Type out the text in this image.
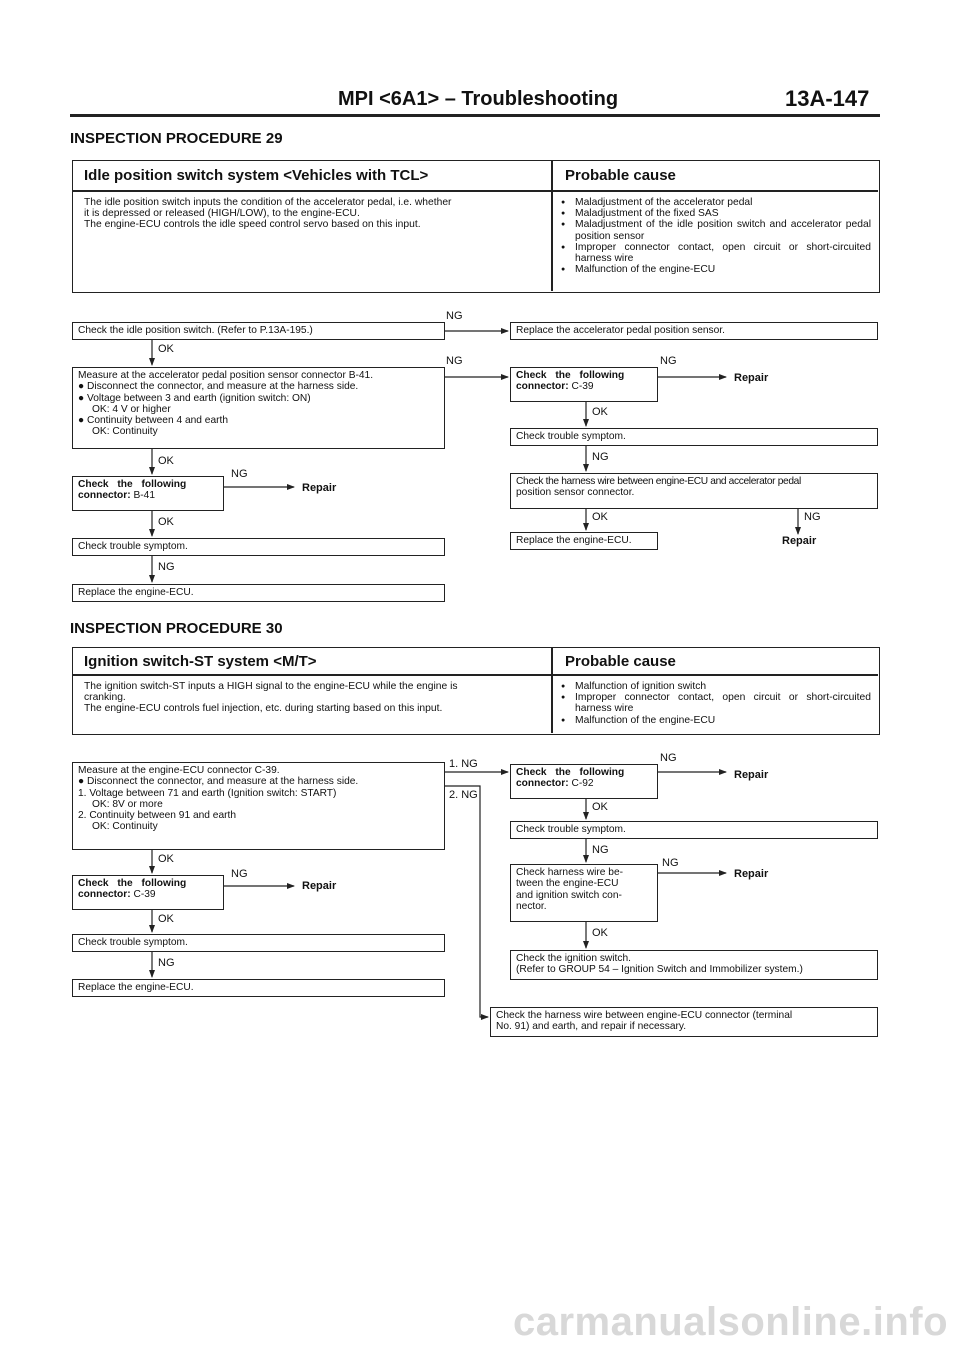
MPI <6A1> – Troubleshooting	13A-147
INSPECTION PROCEDURE 29
Idle position switch system <Vehicles with TCL>	Probable cause
The idle position switch inputs the condition of the accelerator pedal, i.e. whether
it is depressed or released (HIGH/LOW), to the engine-ECU.
The engine-ECU controls the idle speed control servo based on this input.
● Maladjustment of the accelerator pedal
● Maladjustment of the fixed SAS
● Maladjustment of the idle position switch and accelerator pedal position sensor
● Improper connector contact, open circuit or short-circuited harness wire
● Malfunction of the engine-ECU
Check the idle position switch. (Refer to P.13A-195.)	Replace the accelerator pedal position sensor.
Measure at the accelerator pedal position sensor connector B-41.
● Disconnect the connector, and measure at the harness side.
● Voltage between 3 and earth (ignition switch: ON)
OK: 4 V or higher
● Continuity between 4 and earth
OK: Continuity
Check the following
connector: B-41
Check trouble symptom.
Replace the engine-ECU.
Check the following
connector: C-39
Check trouble symptom.
Check the harness wire between engine-ECU and accelerator pedal
position sensor connector.
Replace the engine-ECU.
NG
OK
NG	NG
Repair
OK
NG
Repair
OK
NG
OK
NG
OK	NG
Repair
INSPECTION PROCEDURE 30
Ignition switch-ST system <M/T>	Probable cause
The ignition switch-ST inputs a HIGH signal to the engine-ECU while the engine is
cranking.
The engine-ECU controls fuel injection, etc. during starting based on this input.
● Malfunction of ignition switch
● Improper connector contact, open circuit or short-circuited harness wire
● Malfunction of the engine-ECU
Measure at the engine-ECU connector C-39.
● Disconnect the connector, and measure at the harness side.
1. Voltage between 71 and earth (Ignition switch: START)
OK: 8V or more
2. Continuity between 91 and earth
OK: Continuity
Check the following
connector: C-39
Check trouble symptom.
Replace the engine-ECU.
Check the following
connector: C-92
Check trouble symptom.
Check harness wire be-
tween the engine-ECU
and ignition switch con-
nector.
Check the ignition switch.
(Refer to GROUP 54 – Ignition Switch and Immobilizer system.)
Check the harness wire between engine-ECU connector (terminal
No. 91) and earth, and repair if necessary.
1. NG
2. NG
NG
Repair
OK
NG
Repair
OK
NG
OK
NG
NG
Repair
OK
carmanualsonline.info
